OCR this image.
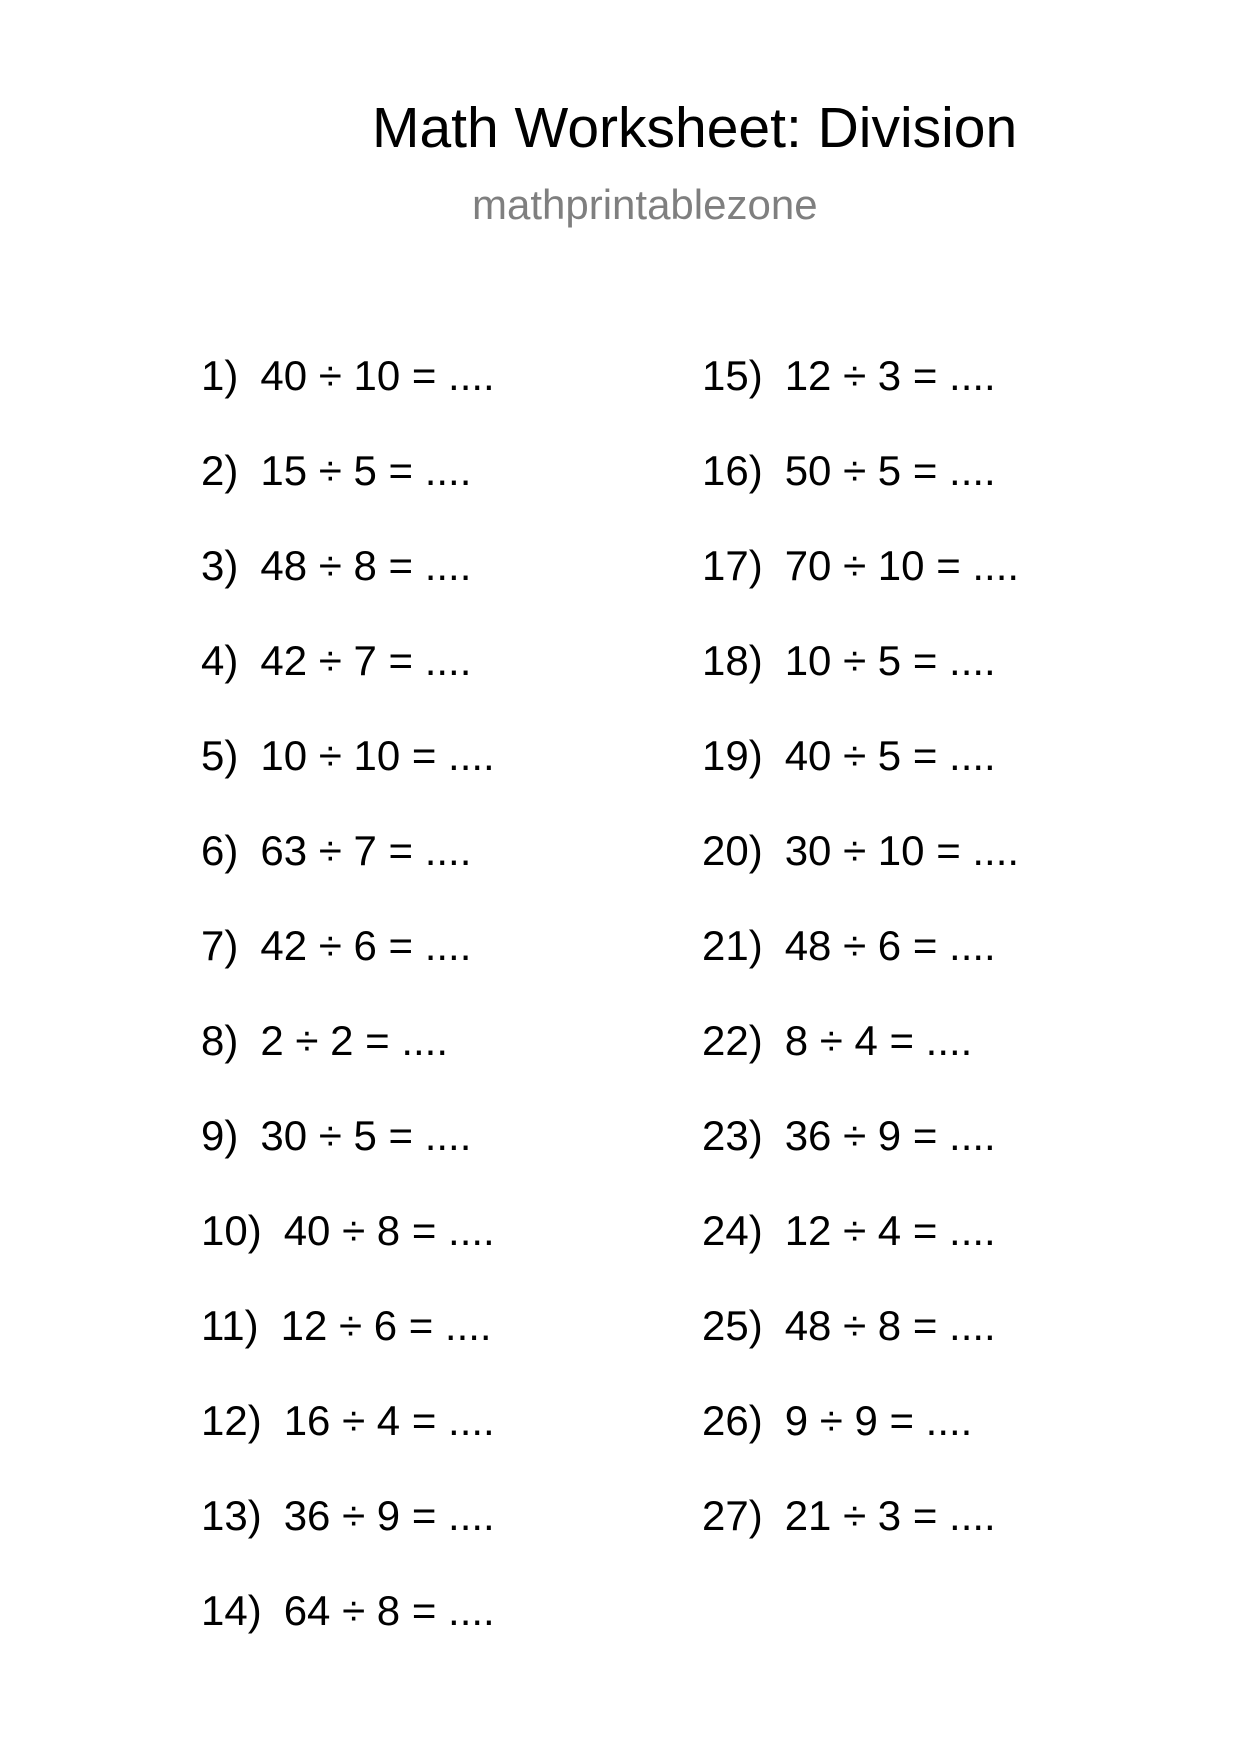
Math Worksheet: Division
mathprintablezone
1) 40 ÷ 10 = ....
2) 15 ÷ 5 = ....
3) 48 ÷ 8 = ....
4) 42 ÷ 7 = ....
5) 10 ÷ 10 = ....
6) 63 ÷ 7 = ....
7) 42 ÷ 6 = ....
8) 2 ÷ 2 = ....
9) 30 ÷ 5 = ....
10) 40 ÷ 8 = ....
11) 12 ÷ 6 = ....
12) 16 ÷ 4 = ....
13) 36 ÷ 9 = ....
14) 64 ÷ 8 = ....
15) 12 ÷ 3 = ....
16) 50 ÷ 5 = ....
17) 70 ÷ 10 = ....
18) 10 ÷ 5 = ....
19) 40 ÷ 5 = ....
20) 30 ÷ 10 = ....
21) 48 ÷ 6 = ....
22) 8 ÷ 4 = ....
23) 36 ÷ 9 = ....
24) 12 ÷ 4 = ....
25) 48 ÷ 8 = ....
26) 9 ÷ 9 = ....
27) 21 ÷ 3 = ....
